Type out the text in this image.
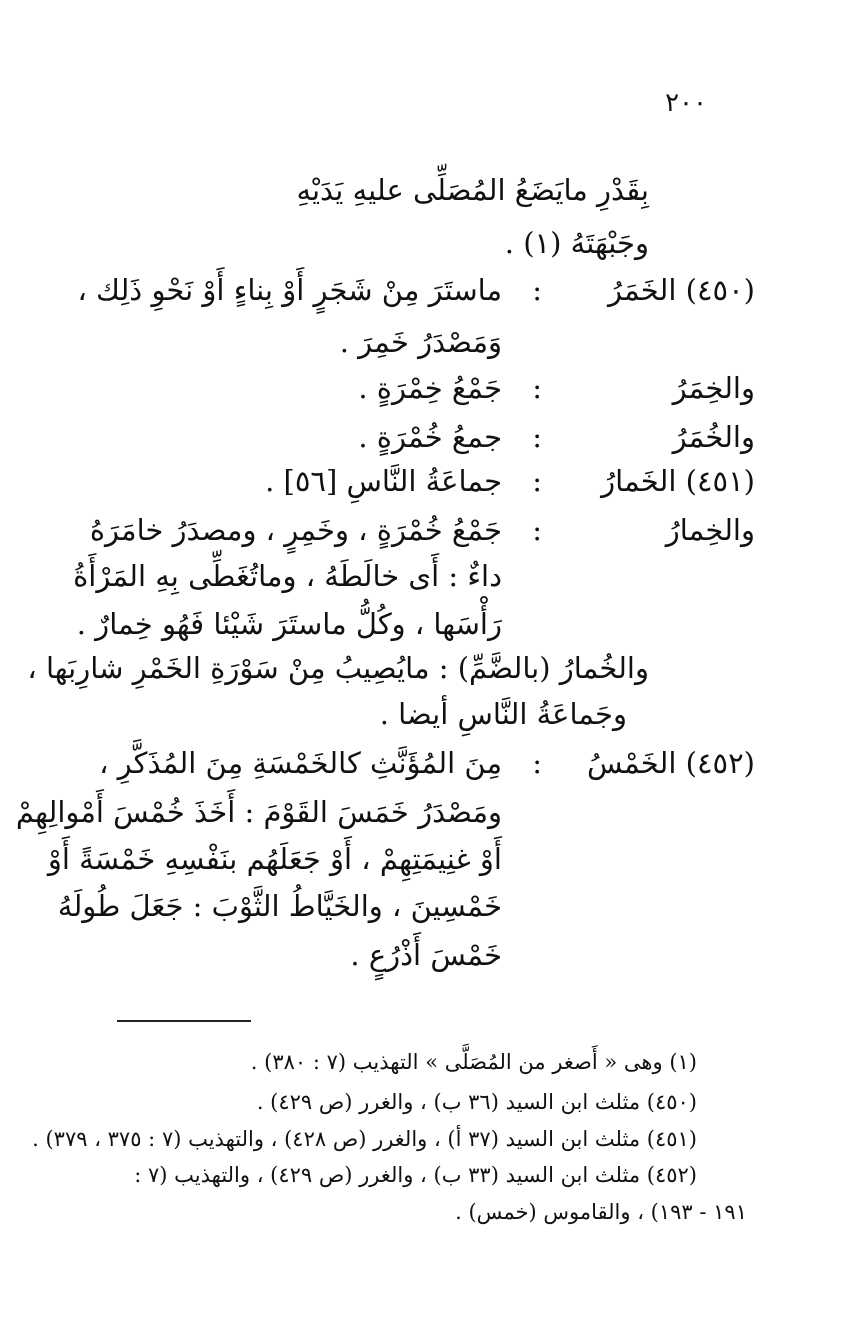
٢٠٠
بِقَدْرِ مايَضَعُ المُصَلِّى عليهِ يَدَيْهِ
وجَبْهَتَهُ (١) .
(٤٥٠) الخَمَرُ
:
ماستَرَ مِنْ شَجَرٍ أَوْ بِناءٍ أَوْ نَحْوِ ذَلِك ،
وَمَصْدَرُ خَمِرَ .
والخِمَرُ
:
جَمْعُ خِمْرَةٍ .
والخُمَرُ
:
جمعُ خُمْرَةٍ .
(٤٥١) الخَمارُ
:
جماعَةُ النَّاسِ [٥٦] .
والخِمارُ
:
جَمْعُ خُمْرَةٍ ، وخَمِرٍ ، ومصدَرُ خامَرَهُ
داءٌ : أَى خالَطَهُ ، وماتُغَطِّى بِهِ المَرْأَةُ
رَأْسَها ، وكُلُّ ماستَرَ شَيْئا فَهُو خِمارٌ .
والخُمارُ (بالضَّمِّ) : مايُصِيبُ مِنْ سَوْرَةِ الخَمْرِ شارِبَها ،
وجَماعَةُ النَّاسِ أيضا .
(٤٥٢) الخَمْسُ
:
مِنَ المُؤَنَّثِ كالخَمْسَةِ مِنَ المُذَكَّرِ ،
ومَصْدَرُ خَمَسَ القَوْمَ : أَخَذَ خُمْسَ أَمْوالِهِمْ
أَوْ غنِيمَتِهِمْ ، أَوْ جَعَلَهُم بنَفْسِهِ خَمْسَةً أَوْ
خَمْسِينَ ، والخَيَّاطُ الثَّوْبَ : جَعَلَ طُولَهُ
خَمْسَ أَذْرُعٍ .
(١) وهى « أَصغر من المُصَلَّى » التهذيب (٧ : ٣٨٠) .
(٤٥٠) مثلث ابن السيد (٣٦ ب) ، والغرر (ص ٤٢٩) .
(٤٥١) مثلث ابن السيد (٣٧ أ) ، والغرر (ص ٤٢٨) ، والتهذيب (٧ : ٣٧٥ ، ٣٧٩) .
(٤٥٢) مثلث ابن السيد (٣٣ ب) ، والغرر (ص ٤٢٩) ، والتهذيب (٧ :
١٩١ - ١٩٣) ، والقاموس (خمس) .
